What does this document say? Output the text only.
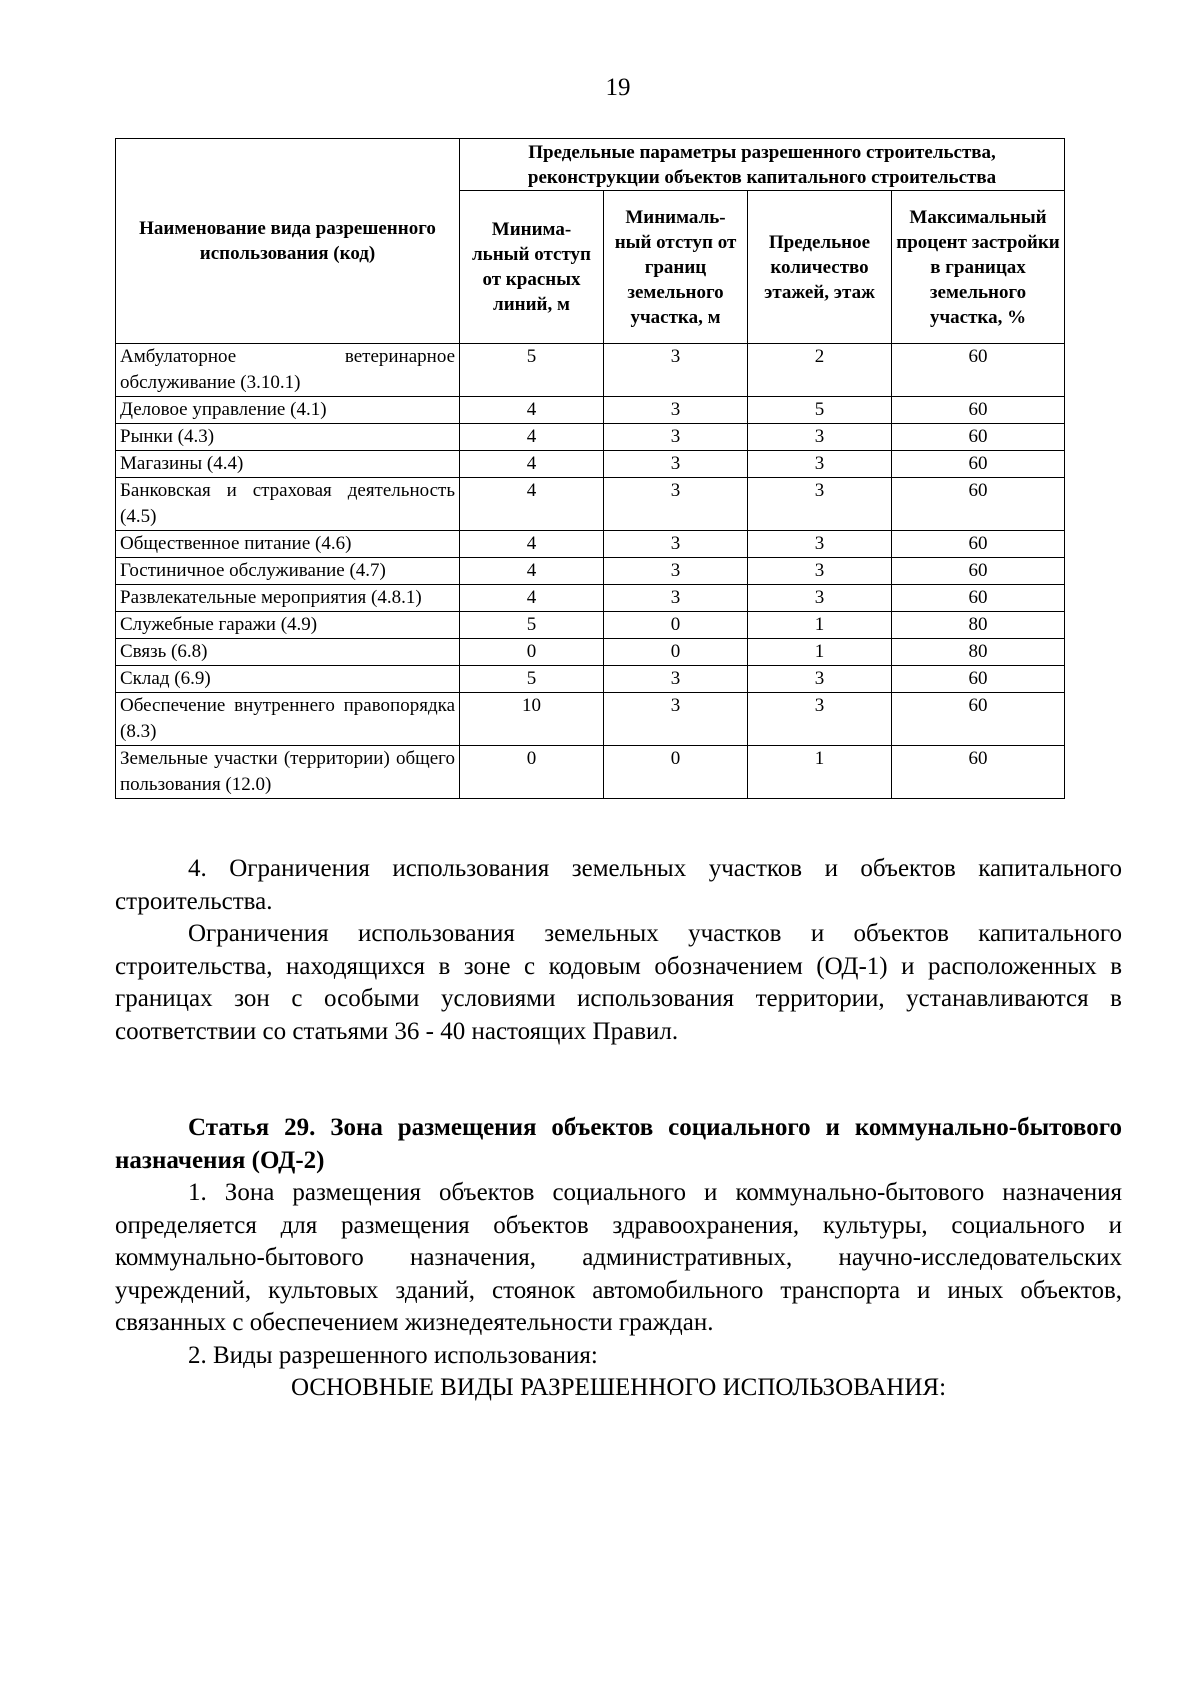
19
Наименование вида разрешенного использования (код)	Предельные параметры разрешенного строительства, реконструкции объектов капитального строительства			
	Минима-льный отступ от красных линий, м	Минималь-ный отступ от границ земельного участка, м	Предельное количество этажей, этаж	Максимальный процент застройки в границах земельного участка, %
Амбулаторное ветеринарное обслуживание (3.10.1)	5	3	2	60
Деловое управление (4.1)	4	3	5	60
Рынки (4.3)	4	3	3	60
Магазины (4.4)	4	3	3	60
Банковская и страховая деятельность (4.5)	4	3	3	60
Общественное питание (4.6)	4	3	3	60
Гостиничное обслуживание (4.7)	4	3	3	60
Развлекательные мероприятия (4.8.1)	4	3	3	60
Служебные гаражи (4.9)	5	0	1	80
Связь (6.8)	0	0	1	80
Склад (6.9)	5	3	3	60
Обеспечение внутреннего правопорядка (8.3)	10	3	3	60
Земельные участки (территории) общего пользования (12.0)	0	0	1	60

4. Ограничения использования земельных участков и объектов капитального строительства.

Ограничения использования земельных участков и объектов капитального строительства, находящихся в зоне с кодовым обозначением (ОД-1) и расположенных в границах зон с особыми условиями использования территории, устанавливаются в соответствии со статьями 36 - 40 настоящих Правил.

Статья 29. Зона размещения объектов социального и коммунально-бытового назначения (ОД-2)

1. Зона размещения объектов социального и коммунально-бытового назначения определяется для размещения объектов здравоохранения, культуры, социального и коммунально-бытового назначения, административных, научно-исследовательских учреждений, культовых зданий, стоянок автомобильного транспорта и иных объектов, связанных с обеспечением жизнедеятельности граждан.

2. Виды разрешенного использования:

ОСНОВНЫЕ ВИДЫ РАЗРЕШЕННОГО ИСПОЛЬЗОВАНИЯ:
